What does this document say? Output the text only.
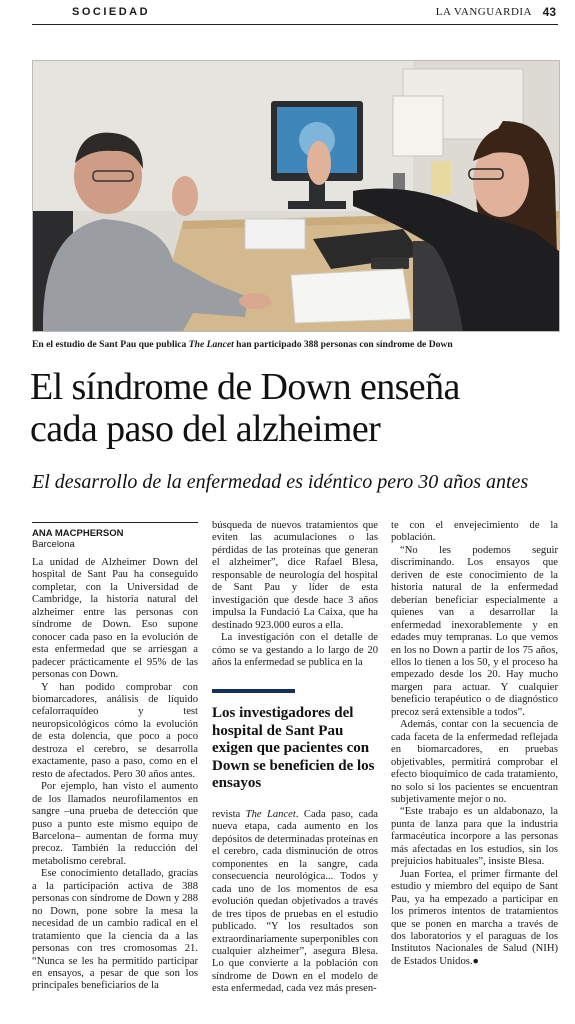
SOCIEDAD	LA VANGUARDIA 43
En el estudio de Sant Pau que publica The Lancet han participado 388 personas con síndrome de Down
El síndrome de Down enseña
cada paso del alzheimer
El desarrollo de la enfermedad es idéntico pero 30 años antes
ANA MACPHERSON
Barcelona

La unidad de Alzheimer Down del hospital de Sant Pau ha conseguido completar, con la Universidad de Cambridge, la historia natural del alzheimer entre las personas con síndrome de Down. Eso supone conocer cada paso en la evolución de esta enfermedad que se arriesgan a padecer prácticamente el 95% de las personas con Down.

Y han podido comprobar con biomarcadores, análisis de líquido cefalorraquídeo y test neuropsicológicos cómo la evolución de esta dolencia, que poco a poco destroza el cerebro, se desarrolla exactamente, paso a paso, como en el resto de afectados. Pero 30 años antes.

Por ejemplo, han visto el aumento de los llamados neurofilamentos en sangre –una prueba de detección que puso a punto este mismo equipo de Barcelona– aumentan de forma muy precoz. También la reducción del metabolismo cerebral.

Ese conocimiento detallado, gracias a la participación activa de 388 personas con síndrome de Down y 288 no Down, pone sobre la mesa la necesidad de un cambio radical en el tratamiento que la ciencia da a las personas con tres cromosomas 21. “Nunca se les ha permitido participar en ensayos, a pesar de que son los principales beneficiarios de la

búsqueda de nuevos tratamientos que eviten las acumulaciones o las pérdidas de las proteínas que generan el alzheimer”, dice Rafael Blesa, responsable de neurología del hospital de Sant Pau y líder de esta investigación que desde hace 3 años impulsa la Fundació La Caixa, que ha destinado 923.000 euros a ella.

La investigación con el detalle de cómo se va gestando a lo largo de 20 años la enfermedad se publica en la

Los investigadores del hospital de Sant Pau exigen que pacientes con Down se beneficien de los ensayos

revista The Lancet. Cada paso, cada nueva etapa, cada aumento en los depósitos de determinadas proteínas en el cerebro, cada disminución de otros componentes en la sangre, cada consecuencia neurológica... Todos y cada uno de los momentos de esa evolución quedan objetivados a través de tres tipos de pruebas en el estudio publicado. “Y los resultados son extraordinariamente superponibles con cualquier alzheimer”, asegura Blesa. Lo que convierte a la población con síndrome de Down en el modelo de esta enfermedad, cada vez más presen-

te con el envejecimiento de la población.

“No les podemos seguir discriminando. Los ensayos que deriven de este conocimiento de la historia natural de la enfermedad deberían beneficiar especialmente a quienes van a desarrollar la enfermedad inexorablemente y en edades muy tempranas. Lo que vemos en los no Down a partir de los 75 años, ellos lo tienen a los 50, y el proceso ha empezado desde los 20. Hay mucho margen para actuar. Y cualquier beneficio terapéutico o de diagnóstico precoz será extensible a todos”.

Además, contar con la secuencia de cada faceta de la enfermedad reflejada en biomarcadores, en pruebas objetivables, permitirá comprobar el efecto bioquímico de cada tratamiento, no solo si los pacientes se encuentran subjetivamente mejor o no.

“Este trabajo es un aldabonazo, la punta de lanza para que la industria farmacéutica incorpore a las personas más afectadas en los estudios, sin los prejuicios habituales”, insiste Blesa.

Juan Fortea, el primer firmante del estudio y miembro del equipo de Sant Pau, ya ha empezado a participar en los primeros intentos de tratamientos que se ponen en marcha a través de dos laboratorios y el paraguas de los Institutos Nacionales de Salud (NIH) de Estados Unidos.●
